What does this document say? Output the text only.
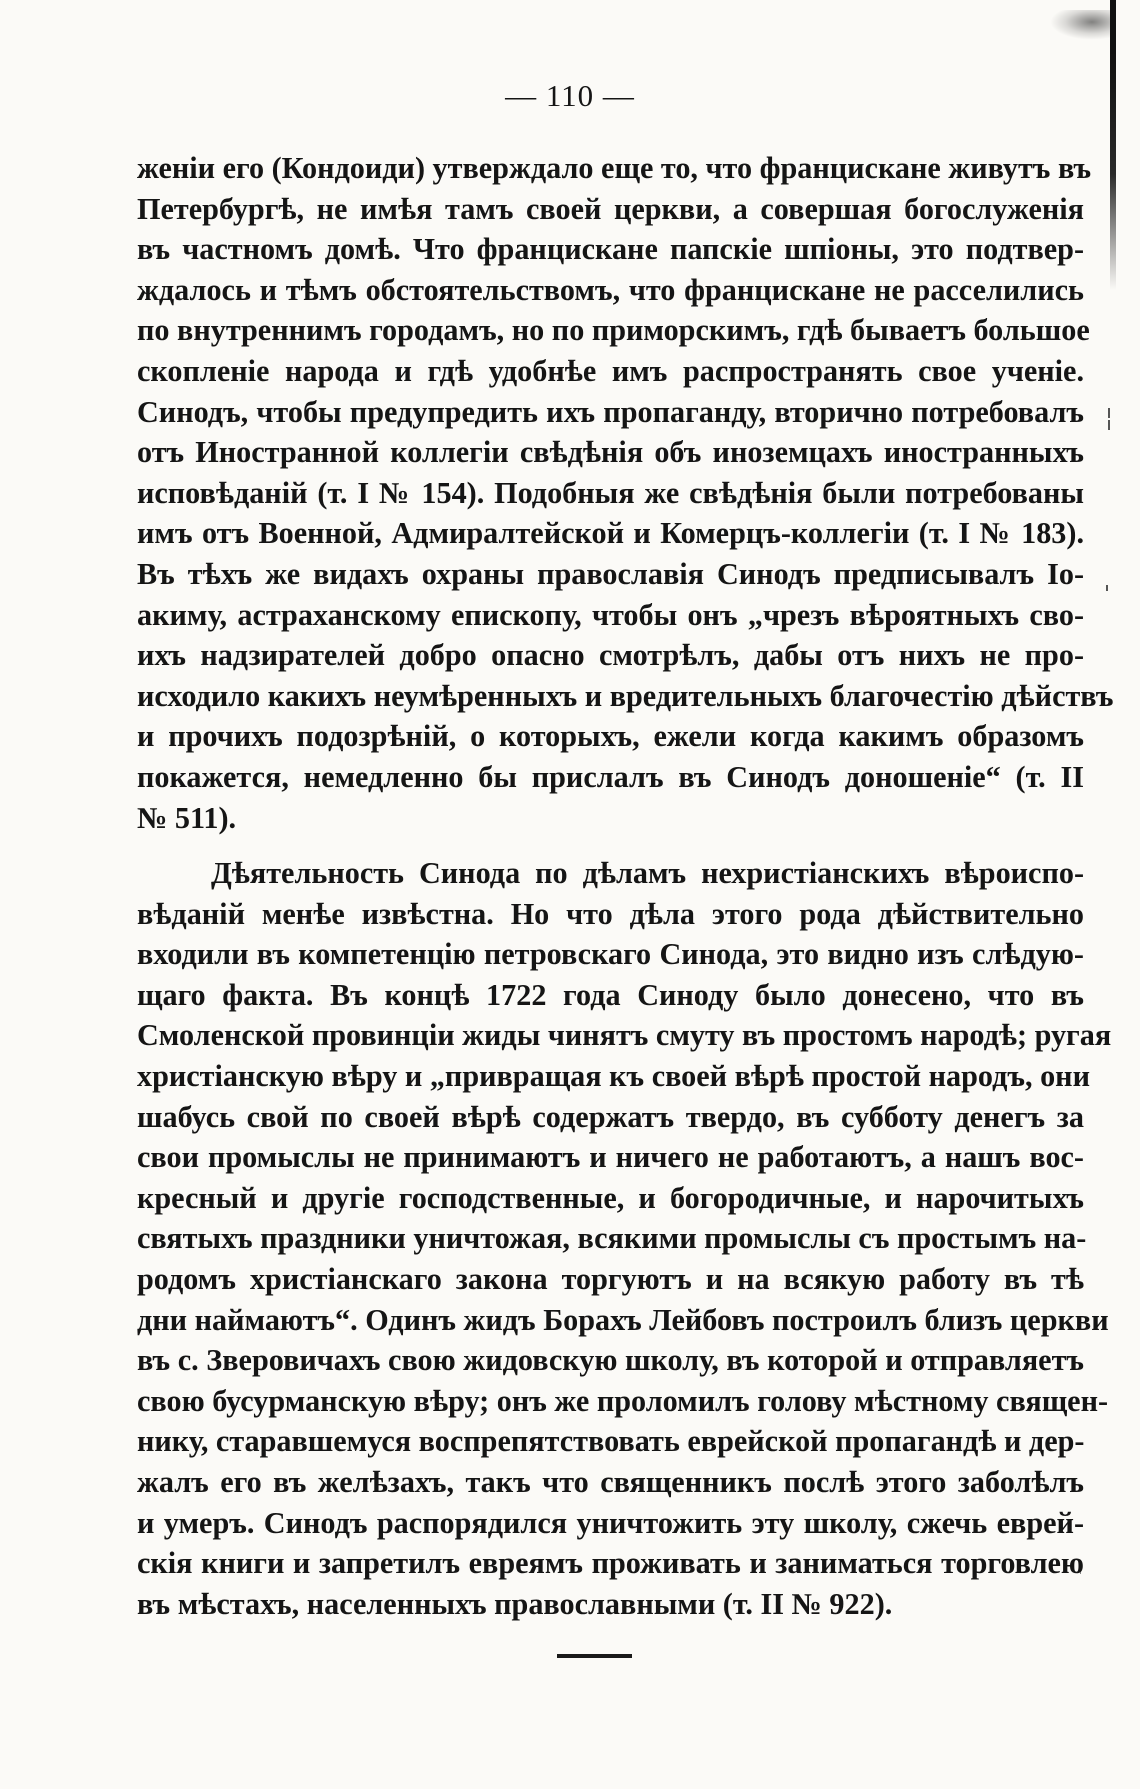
— 110 —
женіи его (Кондоиди) утверждало еще то, что францискане живутъ въ
Петербургѣ, не имѣя тамъ своей церкви, а совершая богослуженія
въ частномъ домѣ. Что францискане папскіе шпіоны, это подтвер-
ждалось и тѣмъ обстоятельствомъ, что францискане не расселились
по внутреннимъ городамъ, но по приморскимъ, гдѣ бываетъ большое
скопленіе народа и гдѣ удобнѣе имъ распространять свое ученіе.
Синодъ, чтобы предупредить ихъ пропаганду, вторично потребовалъ
отъ Иностранной коллегіи свѣдѣнія объ иноземцахъ иностранныхъ
исповѣданій (т. I № 154). Подобныя же свѣдѣнія были потребованы
имъ отъ Военной, Адмиралтейской и Комерцъ-коллегіи (т. I № 183).
Въ тѣхъ же видахъ охраны православія Синодъ предписывалъ Іо-
акиму, астраханскому епископу, чтобы онъ „чрезъ вѣроятныхъ сво-
ихъ надзирателей добро опасно смотрѣлъ, дабы отъ нихъ не про-
исходило какихъ неумѣренныхъ и вредительныхъ благочестію дѣйствъ
и прочихъ подозрѣній, о которыхъ, ежели когда какимъ образомъ
покажется, немедленно бы прислалъ въ Синодъ доношеніе“ (т. II
№ 511).
Дѣятельность Синода по дѣламъ нехристіанскихъ вѣроиспо-
вѣданій менѣе извѣстна. Но что дѣла этого рода дѣйствительно
входили въ компетенцію петровскаго Синода, это видно изъ слѣдую-
щаго факта. Въ концѣ 1722 года Синоду было донесено, что въ
Смоленской провинціи жиды чинятъ смуту въ простомъ народѣ; ругая
христіанскую вѣру и „привращая къ своей вѣрѣ простой народъ, они
шабусь свой по своей вѣрѣ содержатъ твердо, въ субботу денегъ за
свои промыслы не принимаютъ и ничего не работаютъ, а нашъ вос-
кресный и другіе господственные, и богородичные, и нарочитыхъ
святыхъ праздники уничтожая, всякими промыслы съ простымъ на-
родомъ христіанскаго закона торгуютъ и на всякую работу въ тѣ
дни наймаютъ“. Одинъ жидъ Борахъ Лейбовъ построилъ близъ церкви
въ с. Зверовичахъ свою жидовскую школу, въ которой и отправляетъ
свою бусурманскую вѣру; онъ же проломилъ голову мѣстному священ-
нику, старавшемуся воспрепятствовать еврейской пропагандѣ и дер-
жалъ его въ желѣзахъ, такъ что священникъ послѣ этого заболѣлъ
и умеръ. Синодъ распорядился уничтожить эту школу, сжечь еврей-
скія книги и запретилъ евреямъ проживать и заниматься торговлею
въ мѣстахъ, населенныхъ православными (т. II № 922).
